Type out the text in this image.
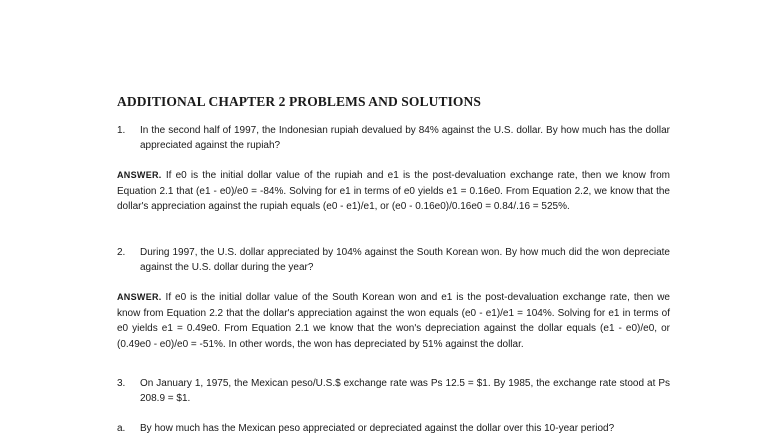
ADDITIONAL CHAPTER 2 PROBLEMS AND SOLUTIONS
1. In the second half of 1997, the Indonesian rupiah devalued by 84% against the U.S. dollar. By how much has the dollar appreciated against the rupiah?
ANSWER. If e0 is the initial dollar value of the rupiah and e1 is the post-devaluation exchange rate, then we know from Equation 2.1 that (e1 - e0)/e0 = -84%. Solving for e1 in terms of e0 yields e1 = 0.16e0. From Equation 2.2, we know that the dollar's appreciation against the rupiah equals (e0 - e1)/e1, or (e0 - 0.16e0)/0.16e0 = 0.84/.16 = 525%.
2. During 1997, the U.S. dollar appreciated by 104% against the South Korean won. By how much did the won depreciate against the U.S. dollar during the year?
ANSWER. If e0 is the initial dollar value of the South Korean won and e1 is the post-devaluation exchange rate, then we know from Equation 2.2 that the dollar's appreciation against the won equals (e0 - e1)/e1 = 104%. Solving for e1 in terms of e0 yields e1 = 0.49e0. From Equation 2.1 we know that the won's depreciation against the dollar equals (e1 - e0)/e0, or (0.49e0 - e0)/e0 = -51%. In other words, the won has depreciated by 51% against the dollar.
3. On January 1, 1975, the Mexican peso/U.S.$ exchange rate was Ps 12.5 = $1. By 1985, the exchange rate stood at Ps 208.9 = $1.
a. By how much has the Mexican peso appreciated or depreciated against the dollar over this 10-year period?
